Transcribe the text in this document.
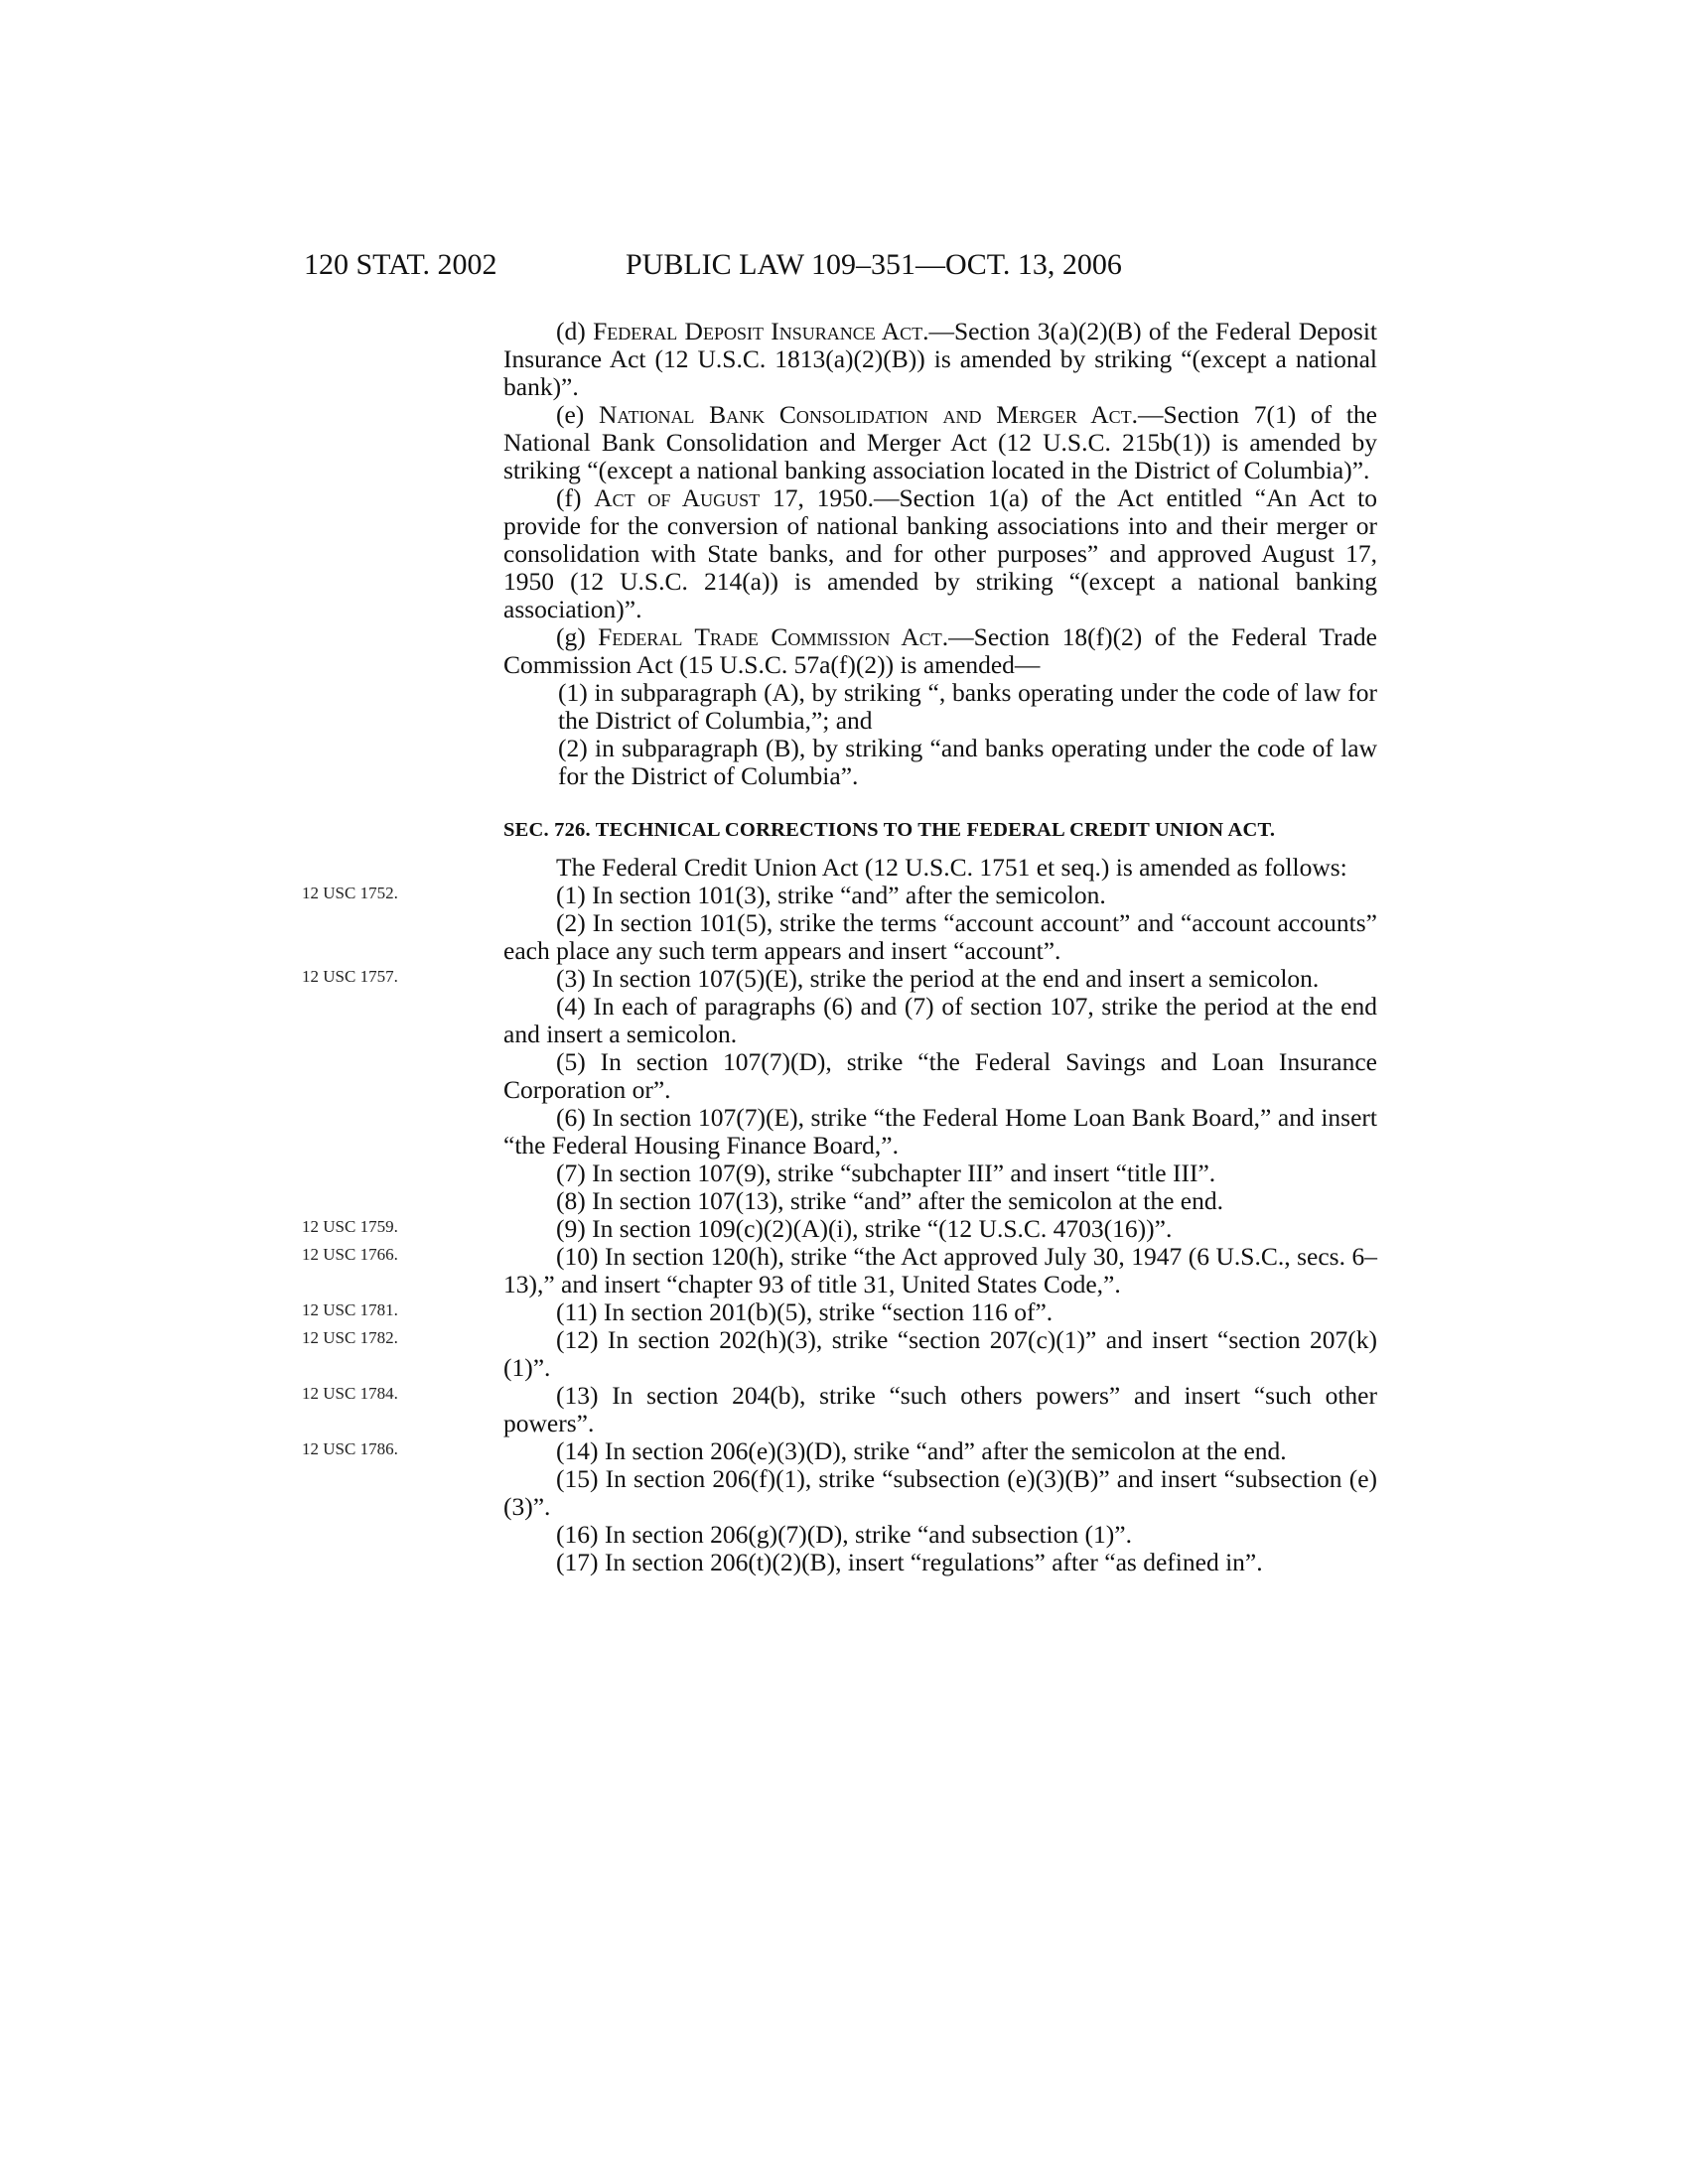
120 STAT. 2002	PUBLIC LAW 109–351—OCT. 13, 2006

(d) Federal Deposit Insurance Act.—Section 3(a)(2)(B) of the Federal Deposit Insurance Act (12 U.S.C. 1813(a)(2)(B)) is amended by striking “(except a national bank)”.

(e) National Bank Consolidation and Merger Act.—Section 7(1) of the National Bank Consolidation and Merger Act (12 U.S.C. 215b(1)) is amended by striking “(except a national banking association located in the District of Columbia)”.

(f) Act of August 17, 1950.—Section 1(a) of the Act entitled “An Act to provide for the conversion of national banking associations into and their merger or consolidation with State banks, and for other purposes” and approved August 17, 1950 (12 U.S.C. 214(a)) is amended by striking “(except a national banking association)”.

(g) Federal Trade Commission Act.—Section 18(f)(2) of the Federal Trade Commission Act (15 U.S.C. 57a(f)(2)) is amended—

(1) in subparagraph (A), by striking “, banks operating under the code of law for the District of Columbia,”; and

(2) in subparagraph (B), by striking “and banks operating under the code of law for the District of Columbia”.

SEC. 726. TECHNICAL CORRECTIONS TO THE FEDERAL CREDIT UNION ACT.

The Federal Credit Union Act (12 U.S.C. 1751 et seq.) is amended as follows:

12 USC 1752.	(1) In section 101(3), strike “and” after the semicolon.

(2) In section 101(5), strike the terms “account account” and “account accounts” each place any such term appears and insert “account”.

12 USC 1757.	(3) In section 107(5)(E), strike the period at the end and insert a semicolon.

(4) In each of paragraphs (6) and (7) of section 107, strike the period at the end and insert a semicolon.

(5) In section 107(7)(D), strike “the Federal Savings and Loan Insurance Corporation or”.

(6) In section 107(7)(E), strike “the Federal Home Loan Bank Board,” and insert “the Federal Housing Finance Board,”.

(7) In section 107(9), strike “subchapter III” and insert “title III”.

(8) In section 107(13), strike “and” after the semicolon at the end.

12 USC 1759.	(9) In section 109(c)(2)(A)(i), strike “(12 U.S.C. 4703(16))”.

12 USC 1766.	(10) In section 120(h), strike “the Act approved July 30, 1947 (6 U.S.C., secs. 6–13),” and insert “chapter 93 of title 31, United States Code,”.

12 USC 1781.	(11) In section 201(b)(5), strike “section 116 of”.

12 USC 1782.	(12) In section 202(h)(3), strike “section 207(c)(1)” and insert “section 207(k)(1)”.

12 USC 1784.	(13) In section 204(b), strike “such others powers” and insert “such other powers”.

12 USC 1786.	(14) In section 206(e)(3)(D), strike “and” after the semicolon at the end.

(15) In section 206(f)(1), strike “subsection (e)(3)(B)” and insert “subsection (e)(3)”.

(16) In section 206(g)(7)(D), strike “and subsection (1)”.

(17) In section 206(t)(2)(B), insert “regulations” after “as defined in”.
